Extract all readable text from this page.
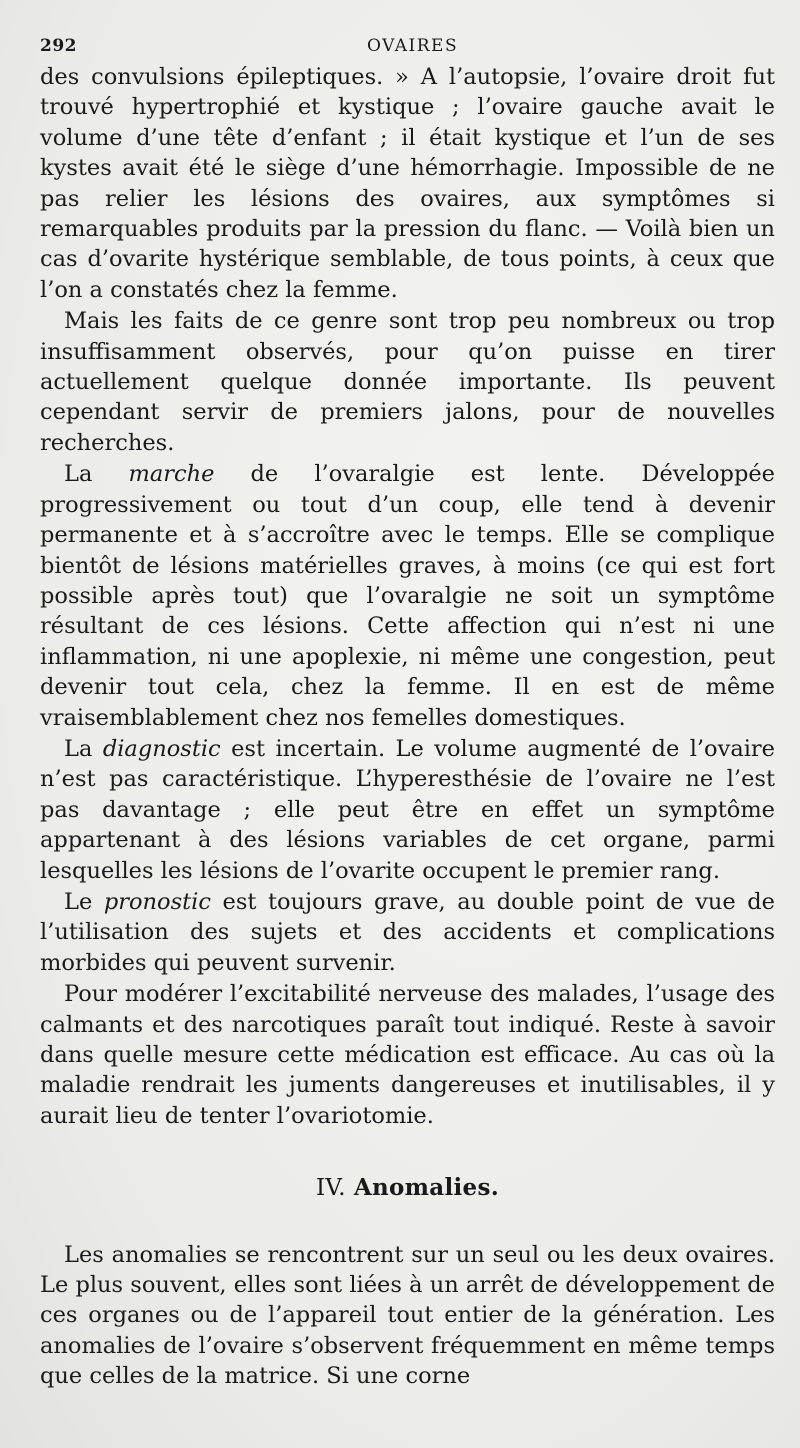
292	OVAIRES

des convulsions épileptiques. » A l’autopsie, l’ovaire droit fut trouvé hypertrophié et kystique ; l’ovaire gauche avait le volume d’une tête d’enfant ; il était kystique et l’un de ses kystes avait été le siège d’une hémorrhagie. Impossible de ne pas relier les lésions des ovaires, aux symptômes si remarquables produits par la pression du flanc. — Voilà bien un cas d’ovarite hystérique semblable, de tous points, à ceux que l’on a constatés chez la femme.

Mais les faits de ce genre sont trop peu nombreux ou trop insuffisamment observés, pour qu’on puisse en tirer actuellement quelque donnée importante. Ils peuvent cependant servir de premiers jalons, pour de nouvelles recherches.

La marche de l’ovaralgie est lente. Développée progressivement ou tout d’un coup, elle tend à devenir permanente et à s’accroître avec le temps. Elle se complique bientôt de lésions matérielles graves, à moins (ce qui est fort possible après tout) que l’ovaralgie ne soit un symptôme résultant de ces lésions. Cette affection qui n’est ni une inflammation, ni une apoplexie, ni même une congestion, peut devenir tout cela, chez la femme. Il en est de même vraisemblablement chez nos femelles domestiques.

La diagnostic est incertain. Le volume augmenté de l’ovaire n’est pas caractéristique. L’hyperesthésie de l’ovaire ne l’est pas davantage ; elle peut être en effet un symptôme appartenant à des lésions variables de cet organe, parmi lesquelles les lésions de l’ovarite occupent le premier rang.

Le pronostic est toujours grave, au double point de vue de l’utilisation des sujets et des accidents et complications morbides qui peuvent survenir.

Pour modérer l’excitabilité nerveuse des malades, l’usage des calmants et des narcotiques paraît tout indiqué. Reste à savoir dans quelle mesure cette médication est efficace. Au cas où la maladie rendrait les juments dangereuses et inutilisables, il y aurait lieu de tenter l’ovariotomie.

IV. Anomalies.

Les anomalies se rencontrent sur un seul ou les deux ovaires. Le plus souvent, elles sont liées à un arrêt de développement de ces organes ou de l’appareil tout entier de la génération. Les anomalies de l’ovaire s’observent fréquemment en même temps que celles de la matrice. Si une corne
